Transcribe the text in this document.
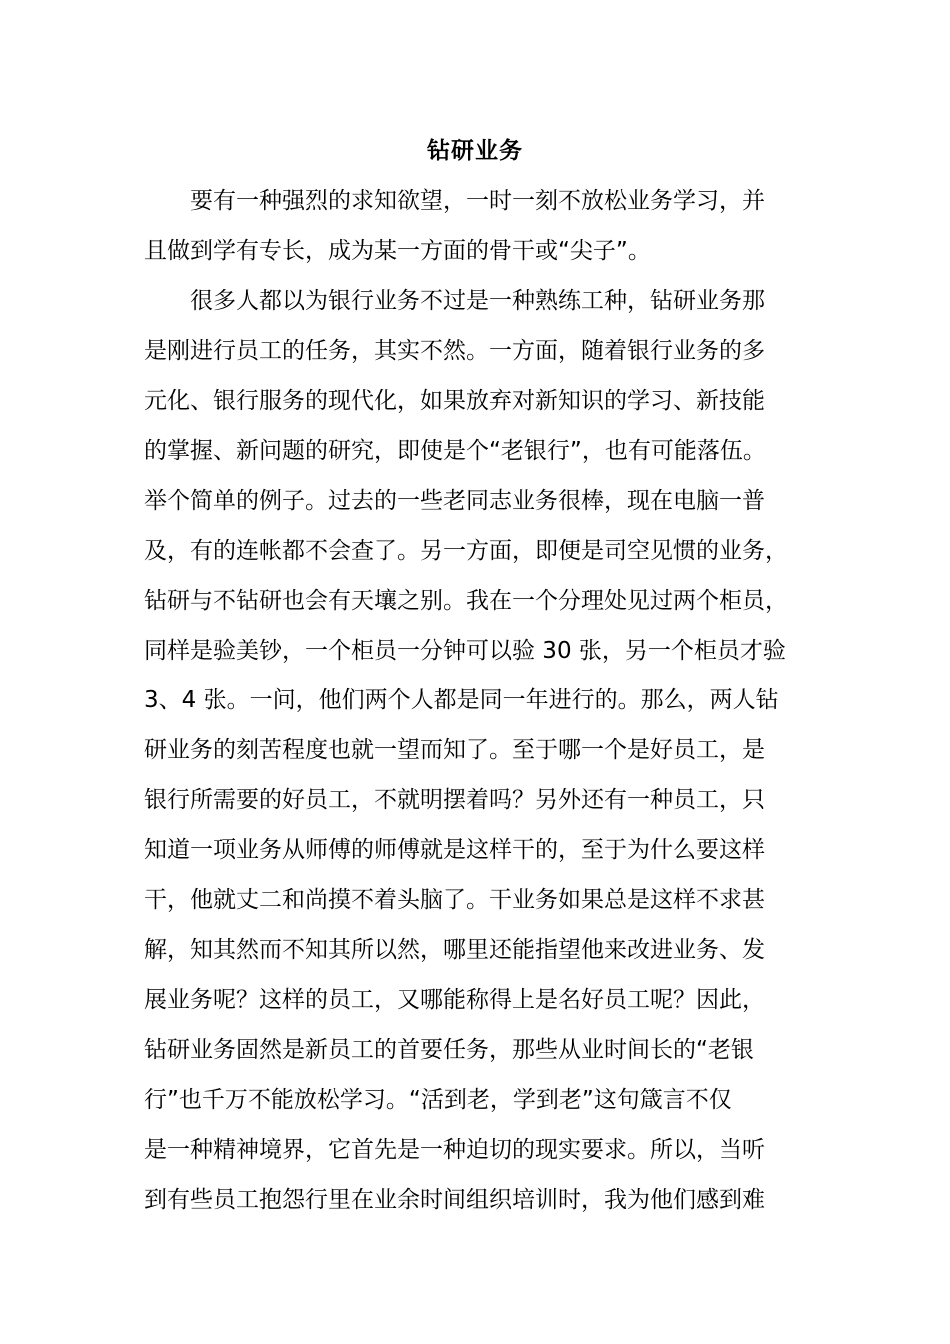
钻研业务
　　要有一种强烈的求知欲望，一时一刻不放松业务学习，并
且做到学有专长，成为某一方面的骨干或“尖子”。
　　很多人都以为银行业务不过是一种熟练工种，钻研业务那
是刚进行员工的任务，其实不然。一方面，随着银行业务的多
元化、银行服务的现代化，如果放弃对新知识的学习、新技能
的掌握、新问题的研究，即使是个“老银行”，也有可能落伍。
举个简单的例子。过去的一些老同志业务很棒，现在电脑一普
及，有的连帐都不会查了。另一方面，即便是司空见惯的业务，
钻研与不钻研也会有天壤之别。我在一个分理处见过两个柜员，
同样是验美钞，一个柜员一分钟可以验 30 张，另一个柜员才验
3、4 张。一问，他们两个人都是同一年进行的。那么，两人钻
研业务的刻苦程度也就一望而知了。至于哪一个是好员工，是
银行所需要的好员工，不就明摆着吗？另外还有一种员工，只
知道一项业务从师傅的师傅就是这样干的，至于为什么要这样
干，他就丈二和尚摸不着头脑了。干业务如果总是这样不求甚
解，知其然而不知其所以然，哪里还能指望他来改进业务、发
展业务呢？这样的员工，又哪能称得上是名好员工呢？因此，
钻研业务固然是新员工的首要任务，那些从业时间长的“老银
行”也千万不能放松学习。“活到老，学到老”这句箴言不仅
是一种精神境界，它首先是一种迫切的现实要求。所以，当听
到有些员工抱怨行里在业余时间组织培训时，我为他们感到难
